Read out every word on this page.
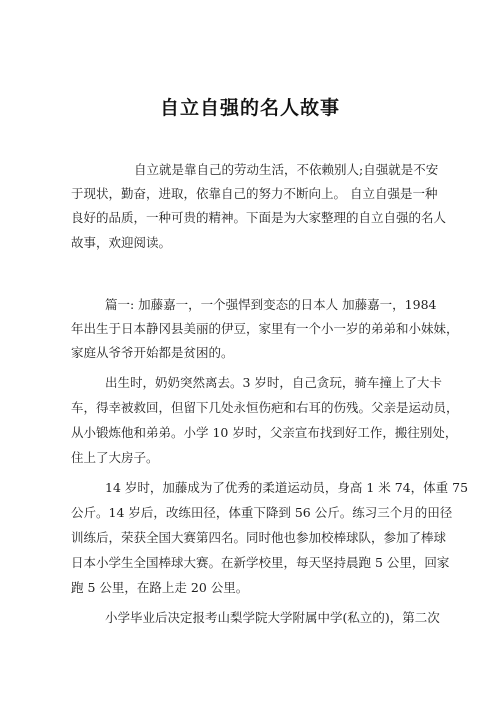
自立自强的名人故事
自立就是靠自己的劳动生活，不依赖别人;自强就是不安
于现状，勤奋，进取，依靠自己的努力不断向上。 自立自强是一种
良好的品质，一种可贵的精神。下面是为大家整理的自立自强的名人
故事，欢迎阅读。
篇一: 加藤嘉一，一个强悍到变态的日本人 加藤嘉一，1984
年出生于日本静冈县美丽的伊豆，家里有一个小一岁的弟弟和小妹妹，
家庭从爷爷开始都是贫困的。
出生时，奶奶突然离去。3 岁时，自己贪玩，骑车撞上了大卡
车，得幸被救回，但留下几处永恒伤疤和右耳的伤残。父亲是运动员，
从小锻炼他和弟弟。小学 10 岁时，父亲宣布找到好工作，搬往别处，
住上了大房子。
14 岁时，加藤成为了优秀的柔道运动员，身高 1 米 74，体重 75
公斤。14 岁后，改练田径，体重下降到 56 公斤。练习三个月的田径
训练后，荣获全国大赛第四名。同时他也参加校棒球队，参加了棒球
日本小学生全国棒球大赛。在新学校里，每天坚持晨跑 5 公里，回家
跑 5 公里，在路上走 20 公里。
小学毕业后决定报考山梨学院大学附属中学(私立的)，第二次
